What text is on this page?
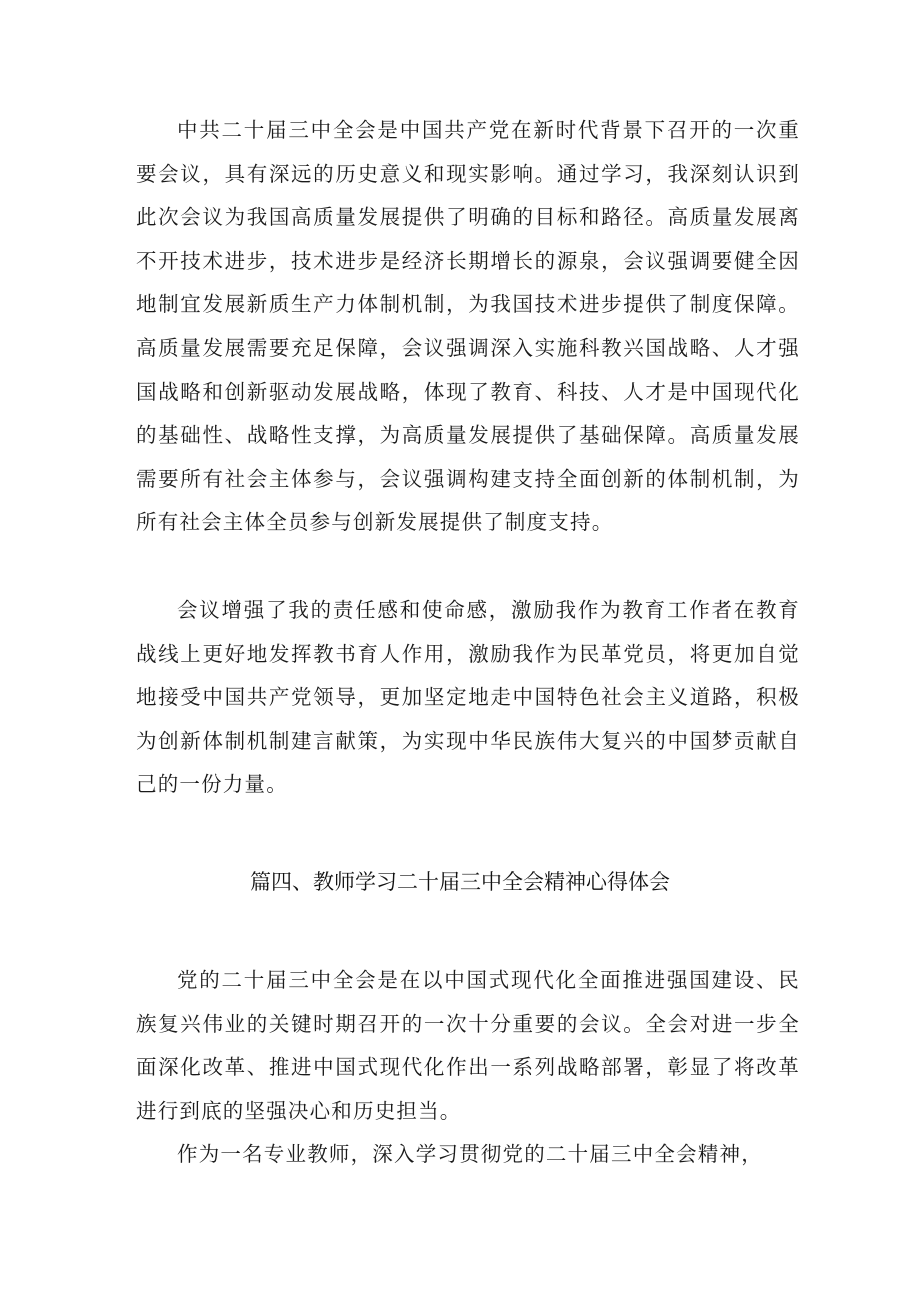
中共二十届三中全会是中国共产党在新时代背景下召开的一次重要会议，具有深远的历史意义和现实影响。通过学习，我深刻认识到此次会议为我国高质量发展提供了明确的目标和路径。高质量发展离不开技术进步，技术进步是经济长期增长的源泉，会议强调要健全因地制宜发展新质生产力体制机制，为我国技术进步提供了制度保障。高质量发展需要充足保障，会议强调深入实施科教兴国战略、人才强国战略和创新驱动发展战略，体现了教育、科技、人才是中国现代化的基础性、战略性支撑，为高质量发展提供了基础保障。高质量发展需要所有社会主体参与，会议强调构建支持全面创新的体制机制，为所有社会主体全员参与创新发展提供了制度支持。

会议增强了我的责任感和使命感，激励我作为教育工作者在教育战线上更好地发挥教书育人作用，激励我作为民革党员，将更加自觉地接受中国共产党领导，更加坚定地走中国特色社会主义道路，积极为创新体制机制建言献策，为实现中华民族伟大复兴的中国梦贡献自己的一份力量。

篇四、教师学习二十届三中全会精神心得体会

党的二十届三中全会是在以中国式现代化全面推进强国建设、民族复兴伟业的关键时期召开的一次十分重要的会议。全会对进一步全面深化改革、推进中国式现代化作出一系列战略部署，彰显了将改革进行到底的坚强决心和历史担当。

作为一名专业教师，深入学习贯彻党的二十届三中全会精神，
